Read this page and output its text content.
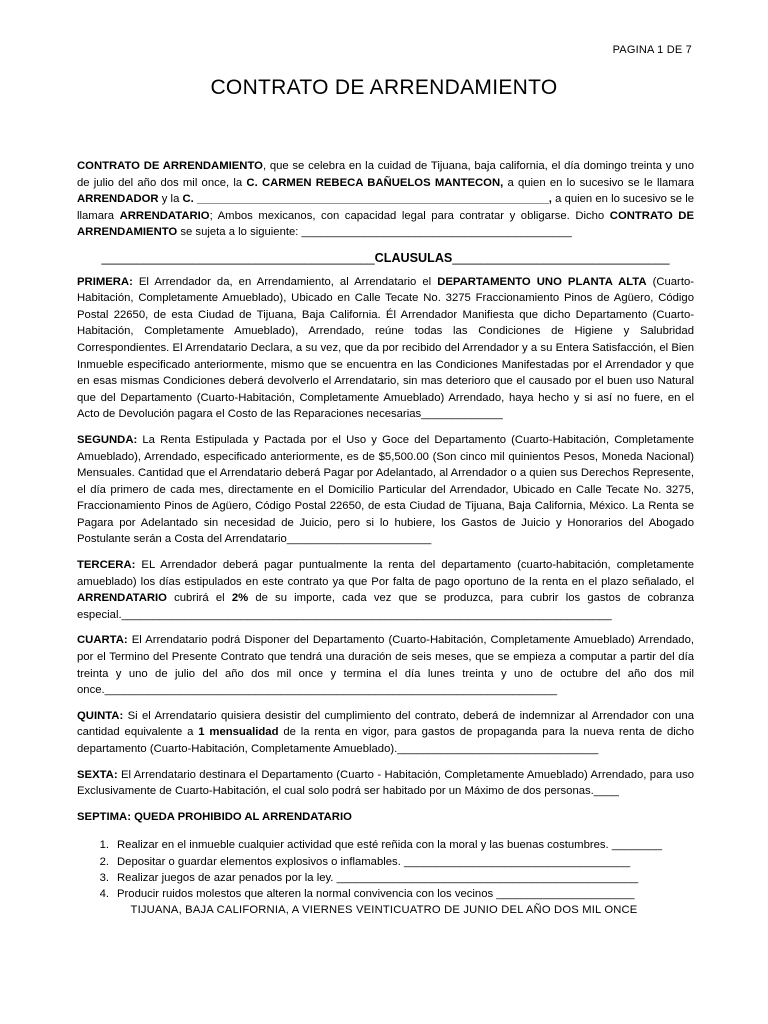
PAGINA 1 DE 7
CONTRATO DE ARRENDAMIENTO

CONTRATO DE ARRENDAMIENTO, que se celebra en la cuidad de Tijuana, baja california, el día domingo treinta y uno de julio del año dos mil once, la C. CARMEN REBECA BAÑUELOS MANTECON, a quien en lo sucesivo se le llamara ARRENDADOR y la C. ________________________________________________________, a quien en lo sucesivo se le llamara ARRENDATARIO; Ambos mexicanos, con capacidad legal para contratar y obligarse. Dicho CONTRATO DE ARRENDAMIENTO se sujeta a lo siguiente: ___________________________________________

_______________________________________CLAUSULAS_______________________________

PRIMERA: El Arrendador da, en Arrendamiento, al Arrendatario el DEPARTAMENTO UNO PLANTA ALTA (Cuarto-Habitación, Completamente Amueblado), Ubicado en Calle Tecate No. 3275 Fraccionamiento Pinos de Agüero, Código Postal 22650, de esta Ciudad de Tijuana, Baja California. Él Arrendador Manifiesta que dicho Departamento (Cuarto-Habitación, Completamente Amueblado), Arrendado, reúne todas las Condiciones de Higiene y Salubridad Correspondientes. El Arrendatario Declara, a su vez, que da por recibido del Arrendador y a su Entera Satisfacción, el Bien Inmueble especificado anteriormente, mismo que se encuentra en las Condiciones Manifestadas por el Arrendador y que en esas mismas Condiciones deberá devolverlo el Arrendatario, sin mas deterioro que el causado por el buen uso Natural que del Departamento (Cuarto-Habitación, Completamente Amueblado) Arrendado, haya hecho y si así no fuere, en el Acto de Devolución pagara el Costo de las Reparaciones necesarias_____________

SEGUNDA: La Renta Estipulada y Pactada por el Uso y Goce del Departamento (Cuarto-Habitación, Completamente Amueblado), Arrendado, especificado anteriormente, es de $5,500.00 (Son cinco mil quinientos Pesos, Moneda Nacional) Mensuales. Cantidad que el Arrendatario deberá Pagar por Adelantado, al Arrendador o a quien sus Derechos Represente, el día primero de cada mes, directamente en el Domicilio Particular del Arrendador, Ubicado en Calle Tecate No. 3275, Fraccionamiento Pinos de Agüero, Código Postal 22650, de esta Ciudad de Tijuana, Baja California, México. La Renta se Pagara por Adelantado sin necesidad de Juicio, pero si lo hubiere, los Gastos de Juicio y Honorarios del Abogado Postulante serán a Costa del Arrendatario_______________________

TERCERA: EL Arrendador deberá pagar puntualmente la renta del departamento (cuarto-habitación, completamente amueblado) los días estipulados en este contrato ya que Por falta de pago oportuno de la renta en el plazo señalado, el ARRENDATARIO cubrirá el 2% de su importe, cada vez que se produzca, para cubrir los gastos de cobranza especial.______________________________________________________________________________

CUARTA: El Arrendatario podrá Disponer del Departamento (Cuarto-Habitación, Completamente Amueblado) Arrendado, por el Termino del Presente Contrato que tendrá una duración de seis meses, que se empieza a computar a partir del día treinta y uno de julio del año dos mil once y termina el día lunes treinta y uno de octubre del año dos mil once.________________________________________________________________________

QUINTA: Si el Arrendatario quisiera desistir del cumplimiento del contrato, deberá de indemnizar al Arrendador con una cantidad equivalente a 1 mensualidad de la renta en vigor, para gastos de propaganda para la nueva renta de dicho departamento (Cuarto-Habitación, Completamente Amueblado).________________________________

SEXTA: El Arrendatario destinara el Departamento (Cuarto - Habitación, Completamente Amueblado) Arrendado, para uso Exclusivamente de Cuarto-Habitación, el cual solo podrá ser habitado por un Máximo de dos personas.____

SEPTIMA: QUEDA PROHIBIDO AL ARRENDATARIO
1. Realizar en el inmueble cualquier actividad que esté reñida con la moral y las buenas costumbres. ________
2. Depositar o guardar elementos explosivos o inflamables. ____________________________________
3. Realizar juegos de azar penados por la ley. ________________________________________________
4. Producir ruidos molestos que alteren la normal convivencia con los vecinos ______________________
TIJUANA, BAJA CALIFORNIA, A VIERNES VEINTICUATRO DE JUNIO DEL AÑO DOS MIL ONCE
